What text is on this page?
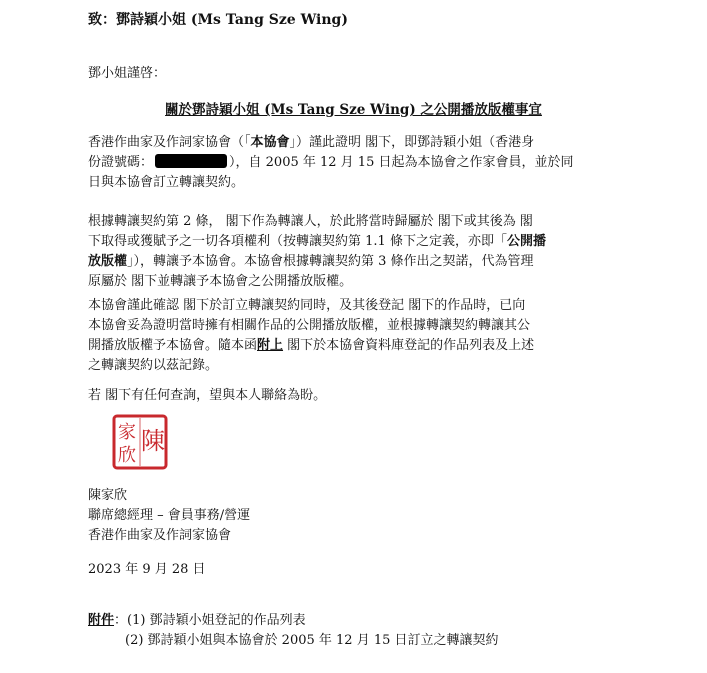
致：鄧詩穎小姐 (Ms Tang Sze Wing)
鄧小姐謹啓：
關於鄧詩穎小姐 (Ms Tang Sze Wing) 之公開播放版權事宜
香港作曲家及作詞家協會（「本協會」）謹此證明 閣下，即鄧詩穎小姐（香港身
份證號碼：	），自 2005 年 12 月 15 日起為本協會之作家會員，並於同
日與本協會訂立轉讓契約。
根據轉讓契約第 2 條， 閣下作為轉讓人，於此將當時歸屬於 閣下或其後為 閣
下取得或獲賦予之一切各項權利（按轉讓契約第 1.1 條下之定義，亦即「公開播
放版權」），轉讓予本協會。本協會根據轉讓契約第 3 條作出之契諾，代為管理
原屬於 閣下並轉讓予本協會之公開播放版權。
本協會謹此確認 閣下於訂立轉讓契約同時，及其後登記 閣下的作品時，已向
本協會妥為證明當時擁有相關作品的公開播放版權，並根據轉讓契約轉讓其公
開播放版權予本協會。隨本函附上 閣下於本協會資料庫登記的作品列表及上述
之轉讓契約以茲記錄。
若 閣下有任何查詢，望與本人聯絡為盼。
陳
家
欣
陳家欣
聯席總經理 – 會員事務/營運
香港作曲家及作詞家協會
2023 年 9 月 28 日
附件：(1) 鄧詩穎小姐登記的作品列表
(2) 鄧詩穎小姐與本協會於 2005 年 12 月 15 日訂立之轉讓契約
